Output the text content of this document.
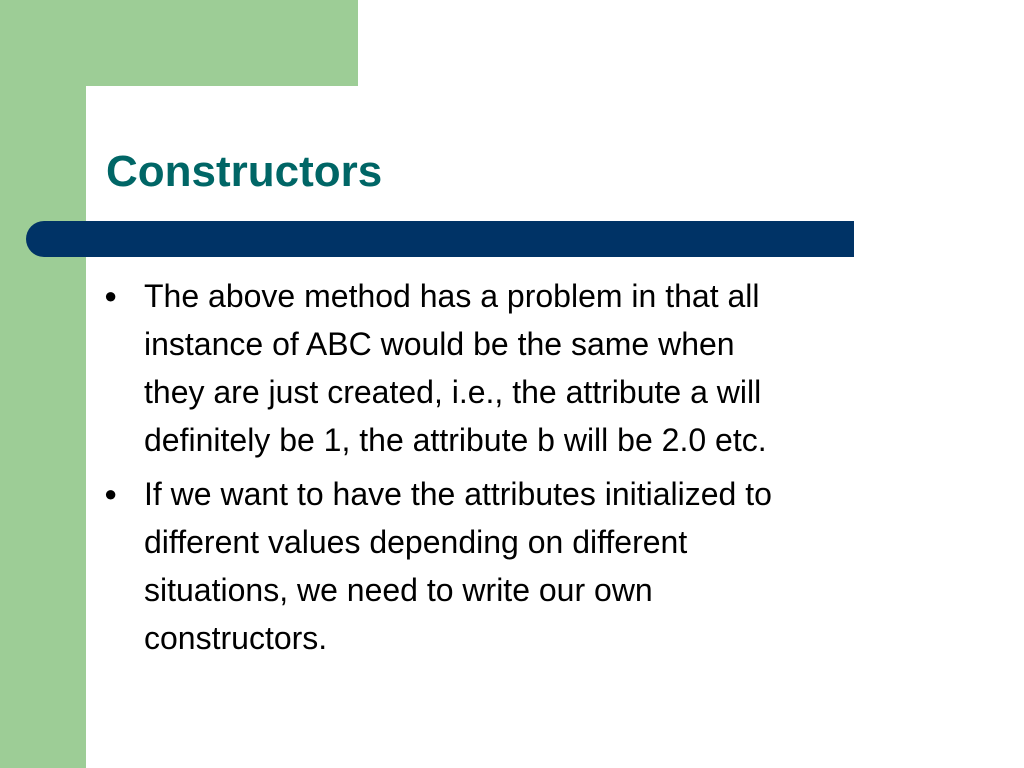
Constructors
● The above method has a problem in that all
instance of ABC would be the same when
they are just created, i.e., the attribute a will
definitely be 1, the attribute b will be 2.0 etc.
● If we want to have the attributes initialized to
different values depending on different
situations, we need to write our own
constructors.
